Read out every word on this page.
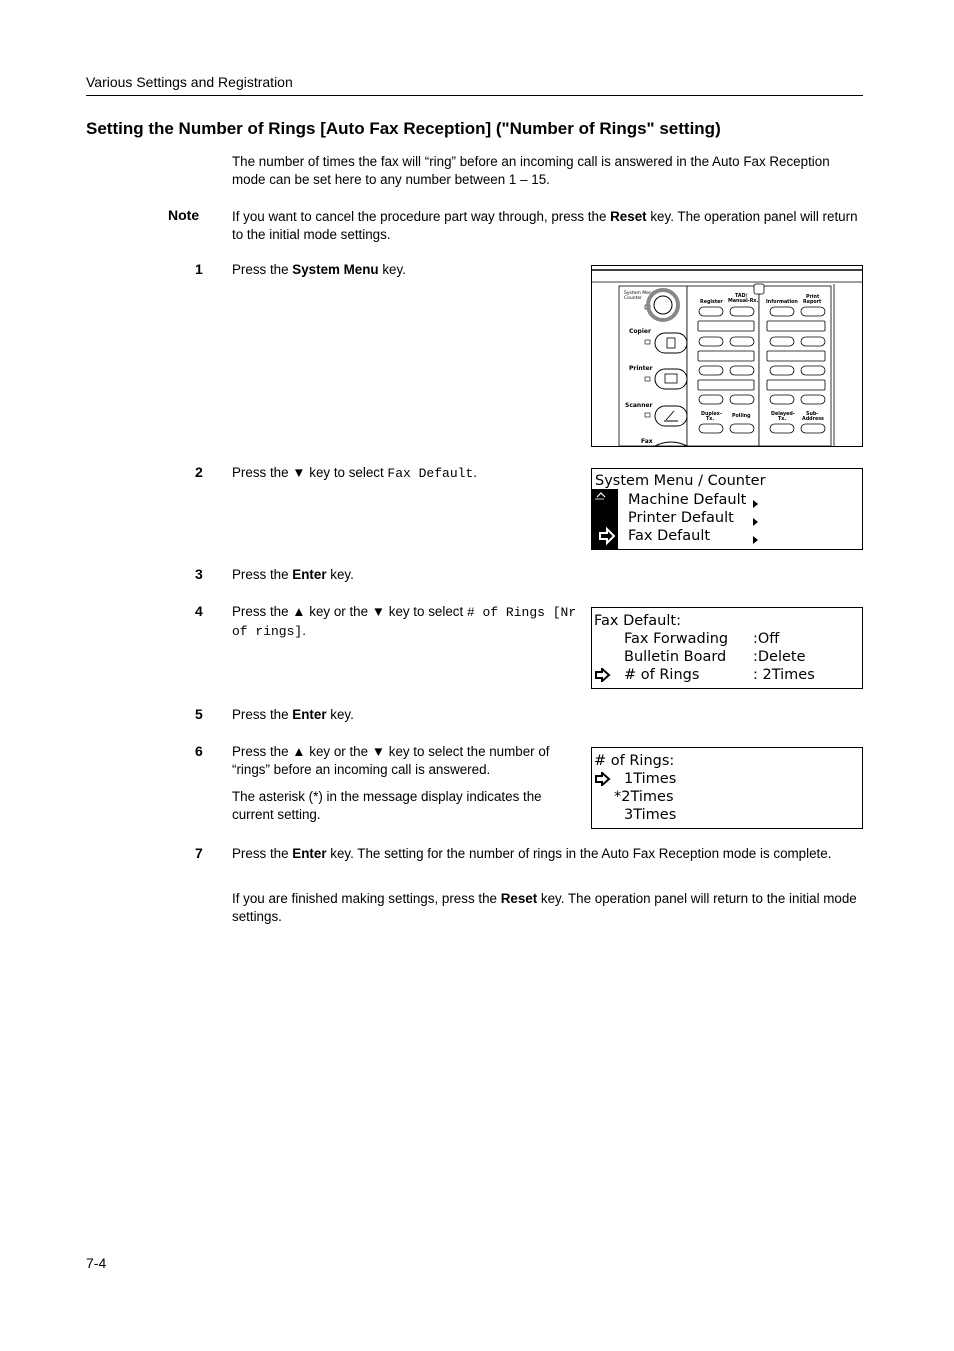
Various Settings and Registration
Setting the Number of Rings [Auto Fax Reception] ("Number of Rings" setting)
The number of times the fax will “ring” before an incoming call is answered in the Auto Fax Reception mode can be set here to any number between 1 – 15.
Note If you want to cancel the procedure part way through, press the Reset key. The operation panel will return to the initial mode settings.
1 Press the System Menu key.
System Menu
Counter
Copier
Printer
Scanner
Fax
Register
TAD/
Manual-Rx. Information
Print
Report
Duplex-
Tx.
Polling	Delayed-
Tx.
Sub-
Address
2 Press the ▼ key to select Fax Default.
System Menu / Counter
Machine Default
Printer Default
Fax Default
3 Press the Enter key.
4 Press the ▲ key or the ▼ key to select # of Rings [Nr of rings].
Fax Default:
Fax Forwading :Off
Bulletin Board :Delete
# of Rings	: 2Times
5 Press the Enter key.
6 Press the ▲ key or the ▼ key to select the number of “rings” before an incoming call is answered.
The asterisk (*) in the message display indicates the current setting.
# of Rings:
1Times
*2Times
3Times
7 Press the Enter key. The setting for the number of rings in the Auto Fax Reception mode is complete.
If you are finished making settings, press the Reset key. The operation panel will return to the initial mode settings.
7-4
